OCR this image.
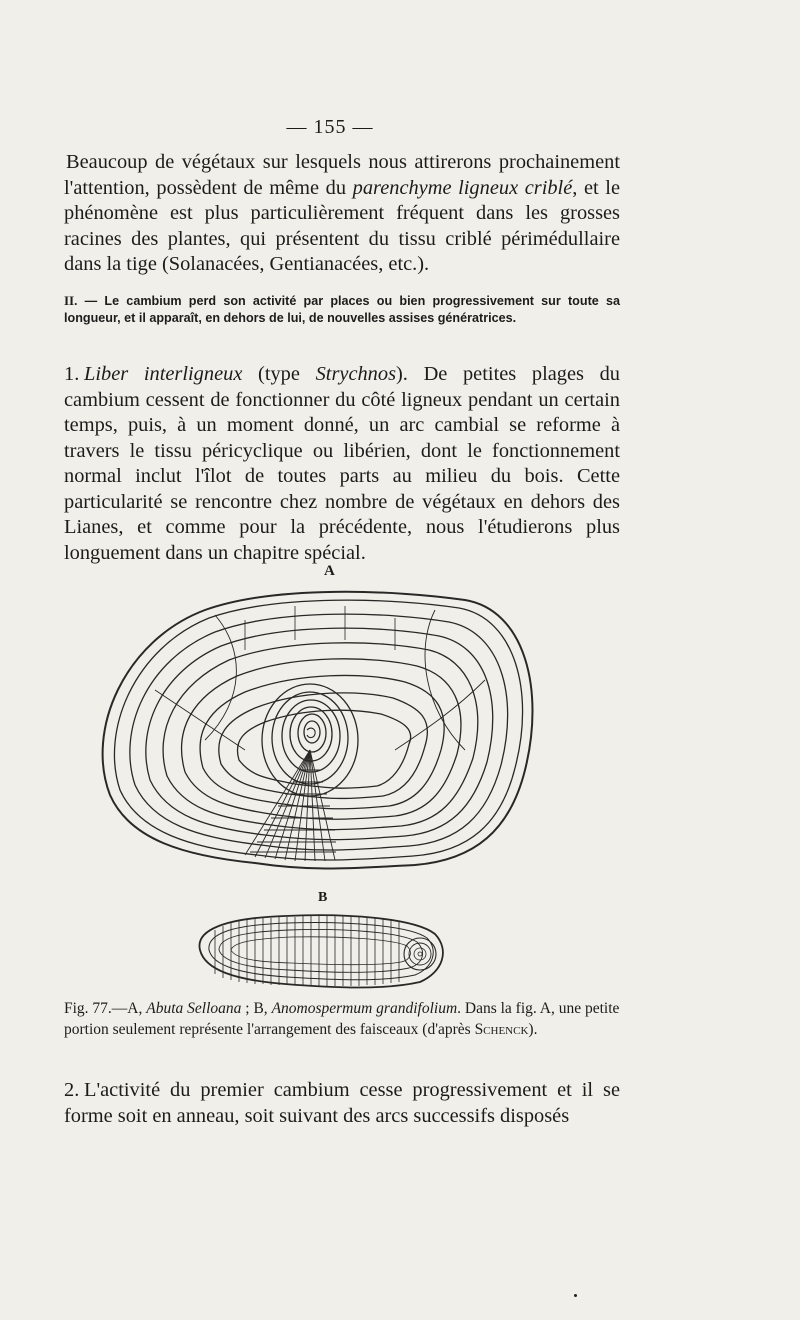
— 155 —

Beaucoup de végétaux sur lesquels nous attirerons prochainement l'attention, possèdent de même du parenchyme ligneux criblé, et le phénomène est plus particulièrement fréquent dans les grosses racines des plantes, qui présentent du tissu criblé périmédullaire dans la tige (Solanacées, Gentianacées, etc.).

II. — Le cambium perd son activité par places ou bien progressivement sur toute sa longueur, et il apparaît, en dehors de lui, de nouvelles assises génératrices.

1. Liber interligneux (type Strychnos). De petites plages du cambium cessent de fonctionner du côté ligneux pendant un certain temps, puis, à un moment donné, un arc cambial se reforme à travers le tissu péricyclique ou libérien, dont le fonctionnement normal inclut l'îlot de toutes parts au milieu du bois. Cette particularité se rencontre chez nombre de végétaux en dehors des Lianes, et comme pour la précédente, nous l'étudierons plus longuement dans un chapitre spécial.

A
B

Fig. 77.—A, Abuta Selloana ; B, Anomospermum grandifolium. Dans la fig. A, une petite portion seulement représente l'arrangement des faisceaux (d'après Schenck).

2. L'activité du premier cambium cesse progressivement et il se forme soit en anneau, soit suivant des arcs successifs disposés
